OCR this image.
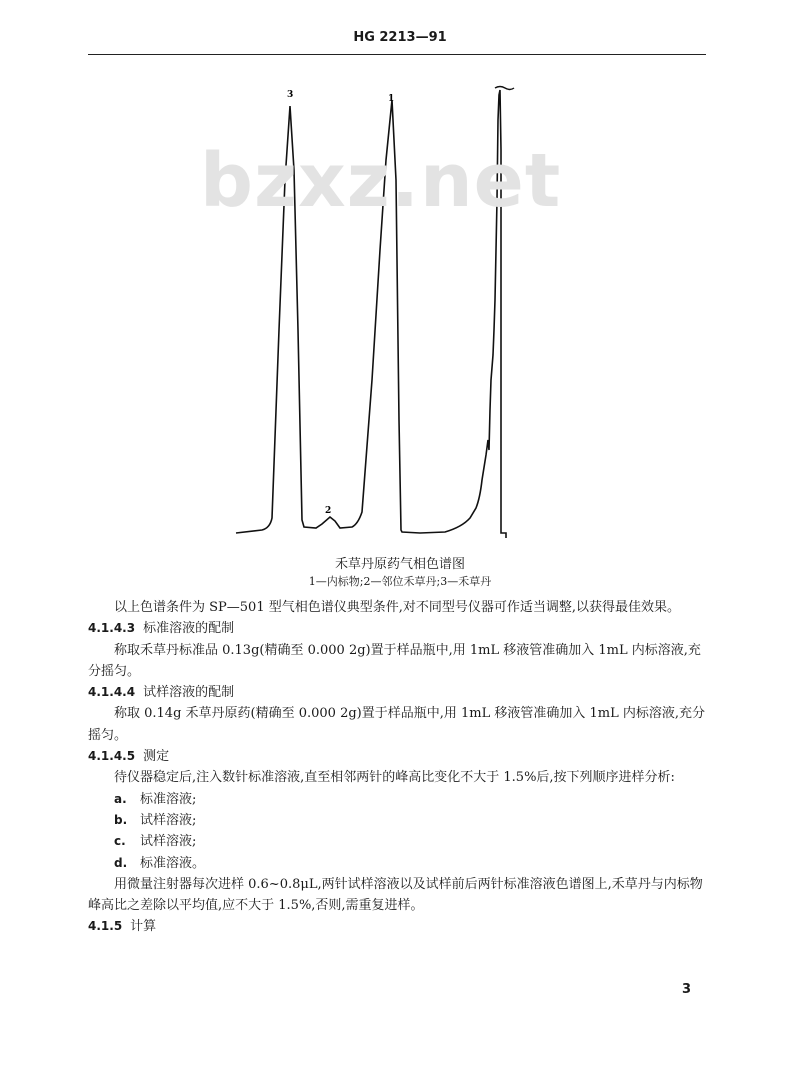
HG 2213—91
3
2
1
bzxz.net
禾草丹原药气相色谱图
1—内标物;2—邻位禾草丹;3—禾草丹

以上色谱条件为 SP—501 型气相色谱仪典型条件,对不同型号仪器可作适当调整,以获得最佳效果。

4.1.4.3 标准溶液的配制

称取禾草丹标准品 0.13g(精确至 0.000 2g)置于样品瓶中,用 1mL 移液管准确加入 1mL 内标溶液,充分摇匀。

4.1.4.4 试样溶液的配制

称取 0.14g 禾草丹原药(精确至 0.000 2g)置于样品瓶中,用 1mL 移液管准确加入 1mL 内标溶液,充分摇匀。

4.1.4.5 测定

待仪器稳定后,注入数针标准溶液,直至相邻两针的峰高比变化不大于 1.5%后,按下列顺序进样分析:

a. 标准溶液;

b. 试样溶液;

c. 试样溶液;

d. 标准溶液。

用微量注射器每次进样 0.6~0.8μL,两针试样溶液以及试样前后两针标准溶液色谱图上,禾草丹与内标物峰高比之差除以平均值,应不大于 1.5%,否则,需重复进样。

4.1.5 计算

3
